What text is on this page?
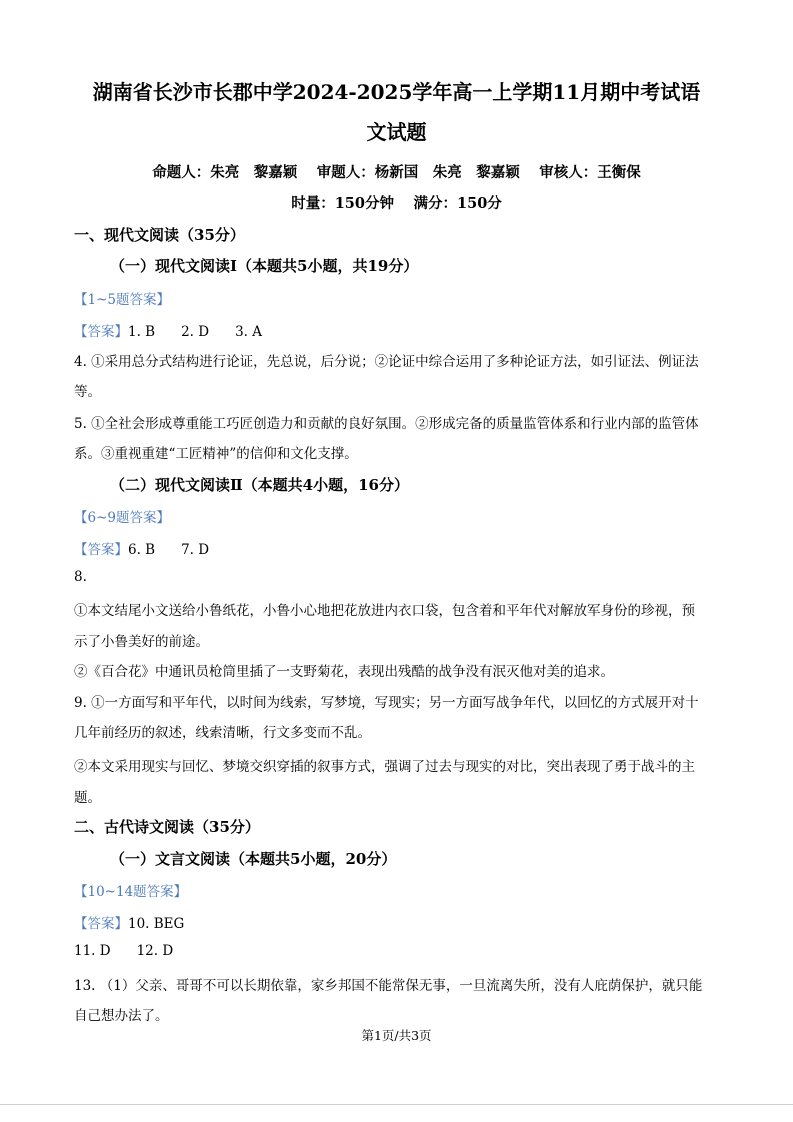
湖南省长沙市长郡中学2024-2025学年高一上学期11月期中考试语
文试题
命题人：朱亮　黎嘉颖　 审题人：杨新国　朱亮　黎嘉颖　 审核人：王衡保
时量：150分钟　 满分：150分
一、现代文阅读（35分）
（一）现代文阅读Ⅰ（本题共5小题，共19分）
【1~5题答案】
【答案】1. B 2. D 3. A
4. ①采用总分式结构进行论证，先总说，后分说；②论证中综合运用了多种论证方法，如引证法、例证法
等。
5. ①全社会形成尊重能工巧匠创造力和贡献的良好氛围。②形成完备的质量监管体系和行业内部的监管体
系。③重视重建“工匠精神”的信仰和文化支撑。
（二）现代文阅读Ⅱ（本题共4小题，16分）
【6~9题答案】
【答案】6. B 7. D
8.
①本文结尾小文送给小鲁纸花，小鲁小心地把花放进内衣口袋，包含着和平年代对解放军身份的珍视，预
示了小鲁美好的前途。
②《百合花》中通讯员枪筒里插了一支野菊花，表现出残酷的战争没有泯灭他对美的追求。
9. ①一方面写和平年代，以时间为线索，写梦境，写现实；另一方面写战争年代，以回忆⁠的方式展开对十
几年前经历的叙述，线索清晰，行文多变而不乱。
②本文采用现实与回忆、梦境交织穿插的叙事方式，强调了过去与现实的对比，突出表现了勇于战斗的主
题。
二、古代诗文阅读（35分）
（一）文言文阅读（本题共5小题，20分）
【10~14题答案】
【答案】10. BEG
11. D 12. D
13. （1）父亲、哥哥不可以长期依靠，家乡邦国不能常保无事，一旦流离失所，没有人庇荫保护，就只能
自己想办法了。
第1页/共3页
